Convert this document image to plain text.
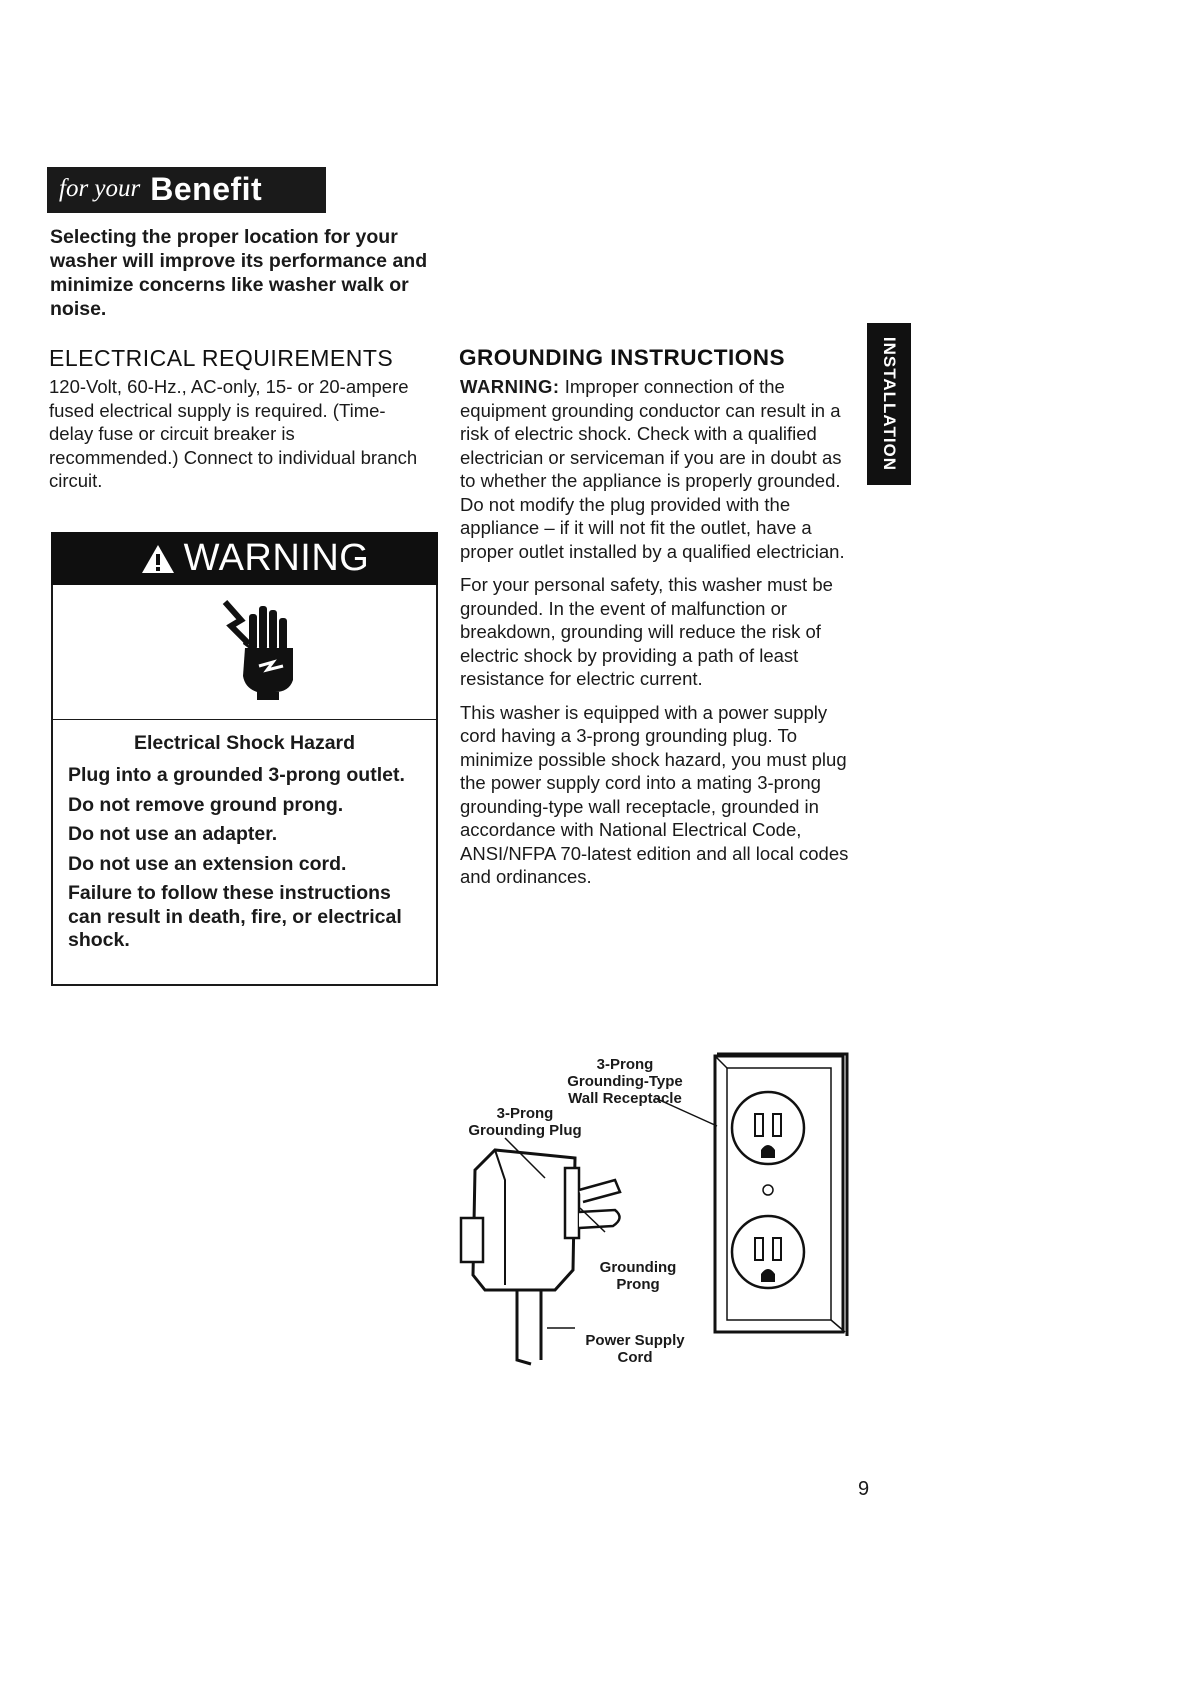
for your Benefit

Selecting the proper location for your washer will improve its performance and minimize concerns like washer walk or noise.

ELECTRICAL REQUIREMENTS

120-Volt, 60-Hz., AC-only, 15- or 20-ampere fused electrical supply is required. (Time-delay fuse or circuit breaker is recommended.) Connect to individual branch circuit.

WARNING
Electrical Shock Hazard
Plug into a grounded 3-prong outlet.
Do not remove ground prong.
Do not use an adapter.
Do not use an extension cord.
Failure to follow these instructions can result in death, fire, or electrical shock.
GROUNDING INSTRUCTIONS

WARNING: Improper connection of the equipment grounding conductor can result in a risk of electric shock. Check with a qualified electrician or serviceman if you are in doubt as to whether the appliance is properly grounded. Do not modify the plug provided with the appliance – if it will not fit the outlet, have a proper outlet installed by a qualified electrician.

For your personal safety, this washer must be grounded. In the event of malfunction or breakdown, grounding will reduce the risk of electric shock by providing a path of least resistance for electric current.

This washer is equipped with a power supply cord having a 3-prong grounding plug. To minimize possible shock hazard, you must plug the power supply cord into a mating 3-prong grounding-type wall receptacle, grounded in accordance with National Electrical Code, ANSI/NFPA 70-latest edition and all local codes and ordinances.

INSTALLATION
3-Prong
Grounding-Type
Wall Receptacle
3-Prong
Grounding Plug
Grounding
Prong
Power Supply
Cord

9
